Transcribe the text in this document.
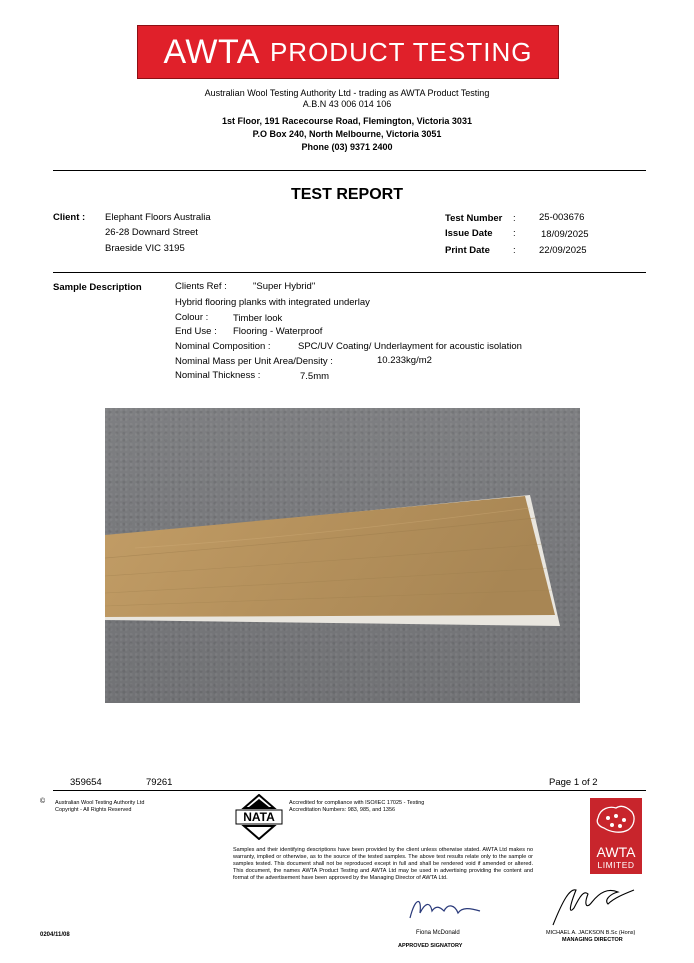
AWTA PRODUCT TESTING
Australian Wool Testing Authority Ltd - trading as AWTA Product Testing
A.B.N 43 006 014 106
1st Floor, 191 Racecourse Road, Flemington, Victoria 3031
P.O Box 240, North Melbourne, Victoria 3051
Phone (03) 9371 2400
TEST REPORT
Client : Elephant Floors Australia
26-28 Downard Street
Braeside VIC 3195
Test Number : 25-003676
Issue Date :	18/09/2025
Print Date : 22/09/2025
Sample Description	Clients Ref :	"Super Hybrid"
Hybrid flooring planks with integrated underlay
Colour :	Timber look
End Use : Flooring - Waterproof
Nominal Composition :	SPC/UV Coating/ Underlayment for acoustic isolation
Nominal Mass per Unit Area/Density :	10.233kg/m2
Nominal Thickness :	7.5mm
359654	79261	Page 1 of 2
© Australian Wool Testing Authority Ltd
Copyright - All Rights Reserved	NATA
Accredited for compliance with ISO/IEC 17025 - Testing
Accreditation Numbers: 983, 985, and 1356
Samples and their identifying descriptions have been provided by the client unless otherwise stated. AWTA Ltd makes no warranty, implied or otherwise, as to the source of the tested samples. The above test results relate only to the sample or samples tested. This document shall not be reproduced except in full and shall be rendered void if amended or altered. This document, the names AWTA Product Testing and AWTA Ltd may be used in advertising providing the content and format of the advertisement have been approved by the Managing Director of AWTA Ltd.
Fiona McDonald
APPROVED SIGNATORY
MICHAEL A. JACKSON B.Sc (Hons)
MANAGING DIRECTOR
AWTA
LIMITED
0204/11/08
